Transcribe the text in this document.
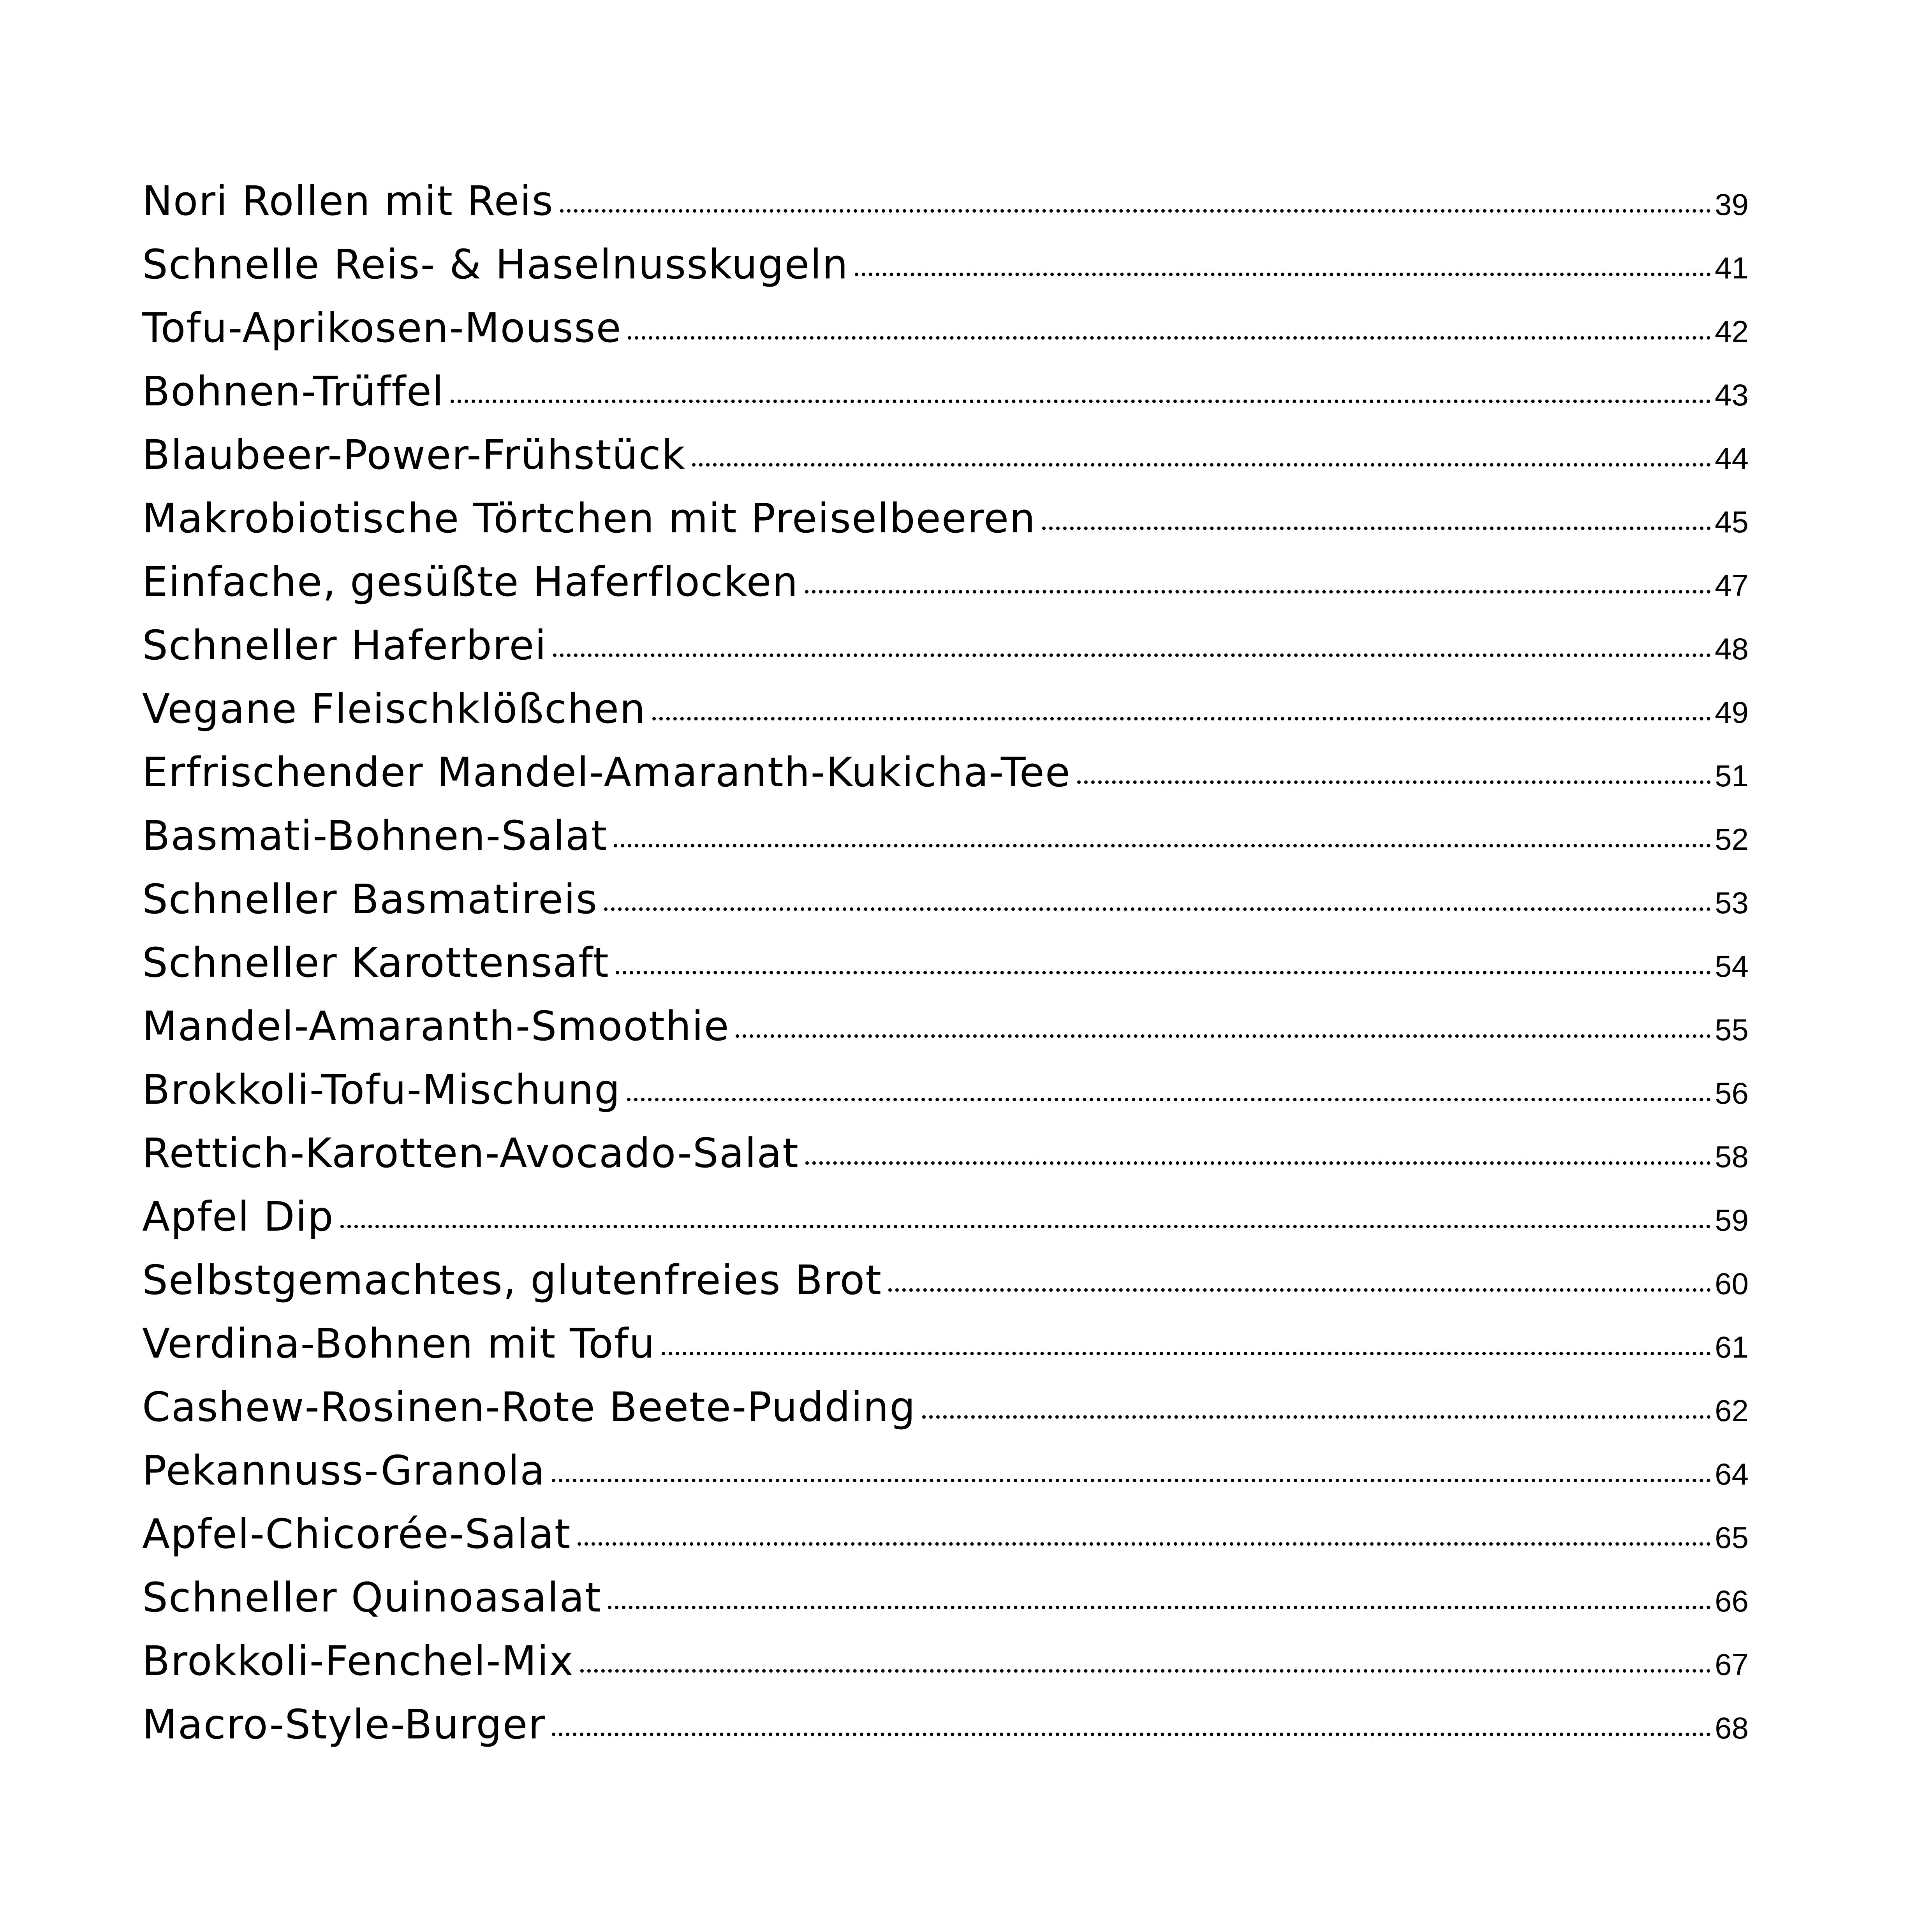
Nori Rollen mit Reis	39
Schnelle Reis- & Haselnusskugeln	41
Tofu-Aprikosen-Mousse	42
Bohnen-Trüffel	43
Blaubeer-Power-Frühstück	44
Makrobiotische Törtchen mit Preiselbeeren	45
Einfache, gesüßte Haferflocken	47
Schneller Haferbrei	48
Vegane Fleischklößchen	49
Erfrischender Mandel-Amaranth-Kukicha-Tee	51
Basmati-Bohnen-Salat	52
Schneller Basmatireis	53
Schneller Karottensaft	54
Mandel-Amaranth-Smoothie	55
Brokkoli-Tofu-Mischung	56
Rettich-Karotten-Avocado-Salat	58
Apfel Dip	59
Selbstgemachtes, glutenfreies Brot	60
Verdina-Bohnen mit Tofu	61
Cashew-Rosinen-Rote Beete-Pudding	62
Pekannuss-Granola	64
Apfel-Chicorée-Salat	65
Schneller Quinoasalat	66
Brokkoli-Fenchel-Mix	67
Macro-Style-Burger	68
